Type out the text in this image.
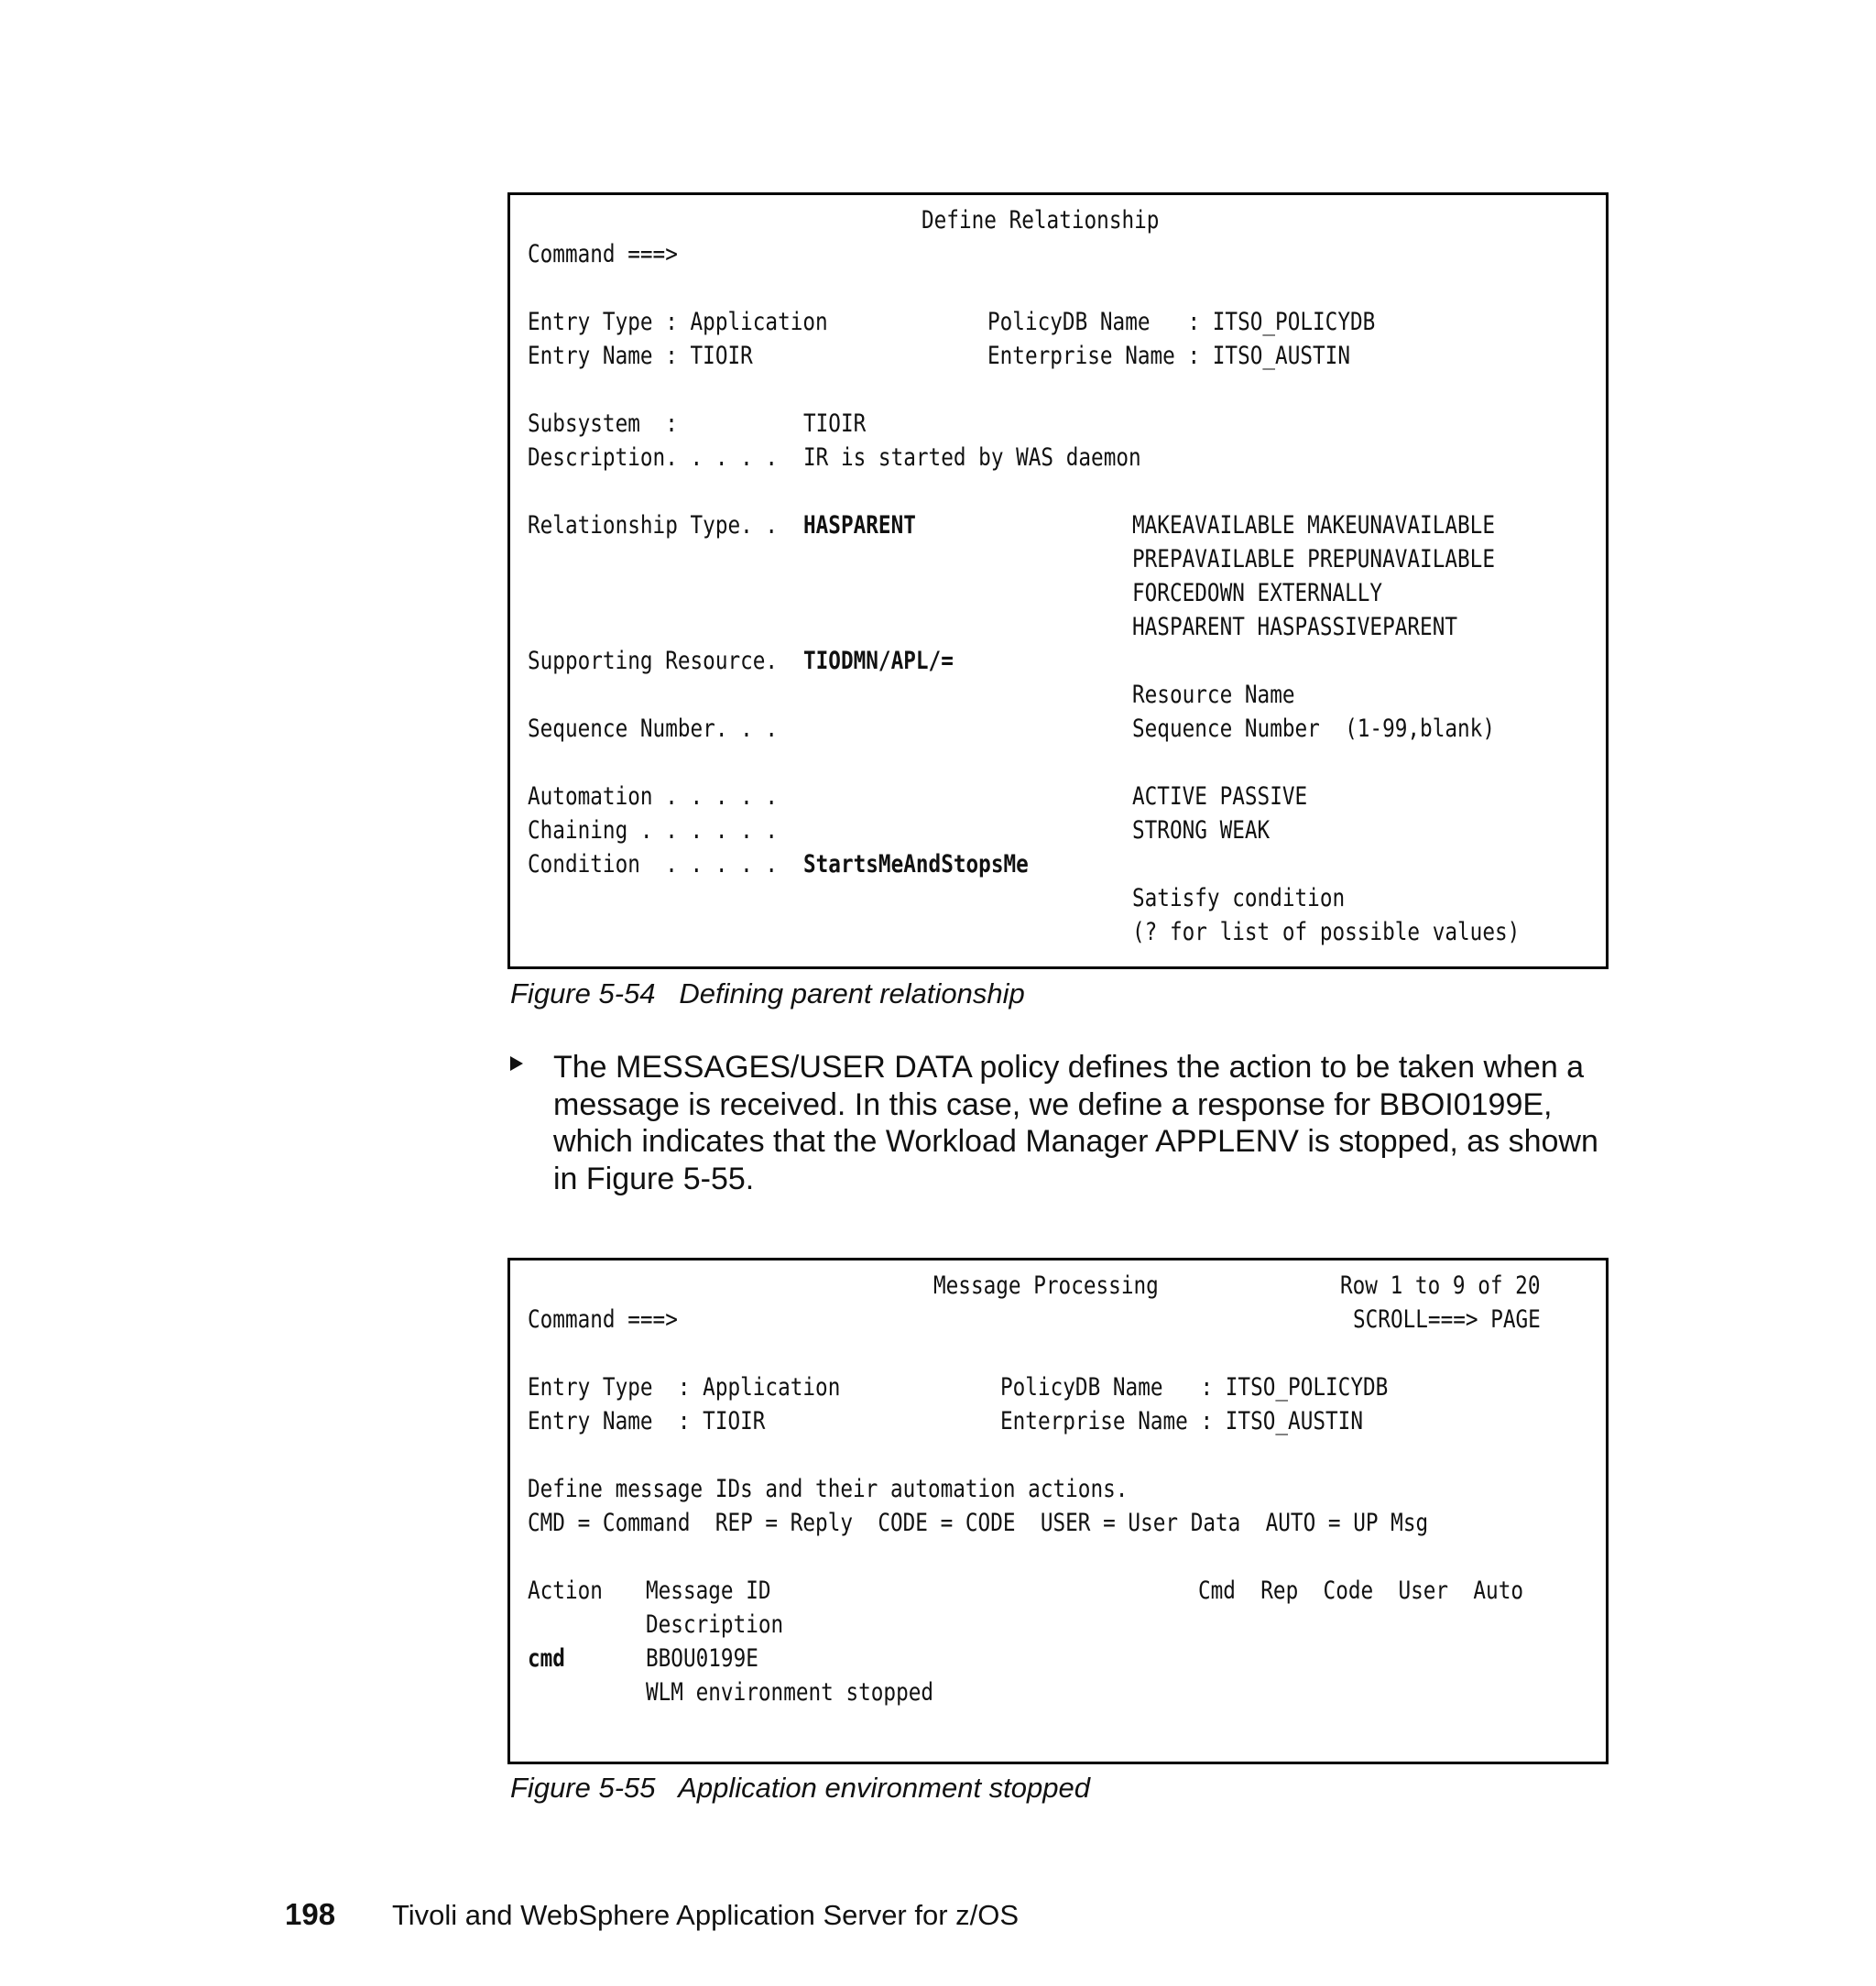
Define Relationship
Command ===>
Entry Type : Application	PolicyDB Name   : ITSO_POLICYDB
Entry Name : TIOIR	Enterprise Name : ITSO_AUSTIN
Subsystem  :	TIOIR
Description. . . . . IR is started by WAS daemon
Relationship Type. . HASPARENT	MAKEAVAILABLE MAKEUNAVAILABLE
PREPAVAILABLE PREPUNAVAILABLE
FORCEDOWN EXTERNALLY
HASPARENT HASPASSIVEPARENT
Supporting Resource. TIODMN/APL/=
Resource Name
Sequence Number. . .	Sequence Number  (1-99,blank)
Automation . . . . .	ACTIVE PASSIVE
Chaining . . . . . .	STRONG WEAK
Condition  . . . . . StartsMeAndStopsMe
Satisfy condition
(? for list of possible values)
Figure 5-54   Defining parent relationship
The MESSAGES/USER DATA policy defines the action to be taken when a
message is received. In this case, we define a response for BBOI0199E,
which indicates that the Workload Manager APPLENV is stopped, as shown
in Figure 5-55.
Message Processing	Row 1 to 9 of 20
Command ===>	SCROLL===> PAGE
Entry Type  : Application	PolicyDB Name   : ITSO_POLICYDB
Entry Name  : TIOIR	Enterprise Name : ITSO_AUSTIN
Define message IDs and their automation actions.
CMD = Command  REP = Reply  CODE = CODE  USER = User Data  AUTO = UP Msg
Action Message ID	Cmd  Rep  Code  User  Auto
Description
cmd	BBOU0199E
WLM environment stopped
Figure 5-55   Application environment stopped
198 Tivoli and WebSphere Application Server for z/OS
